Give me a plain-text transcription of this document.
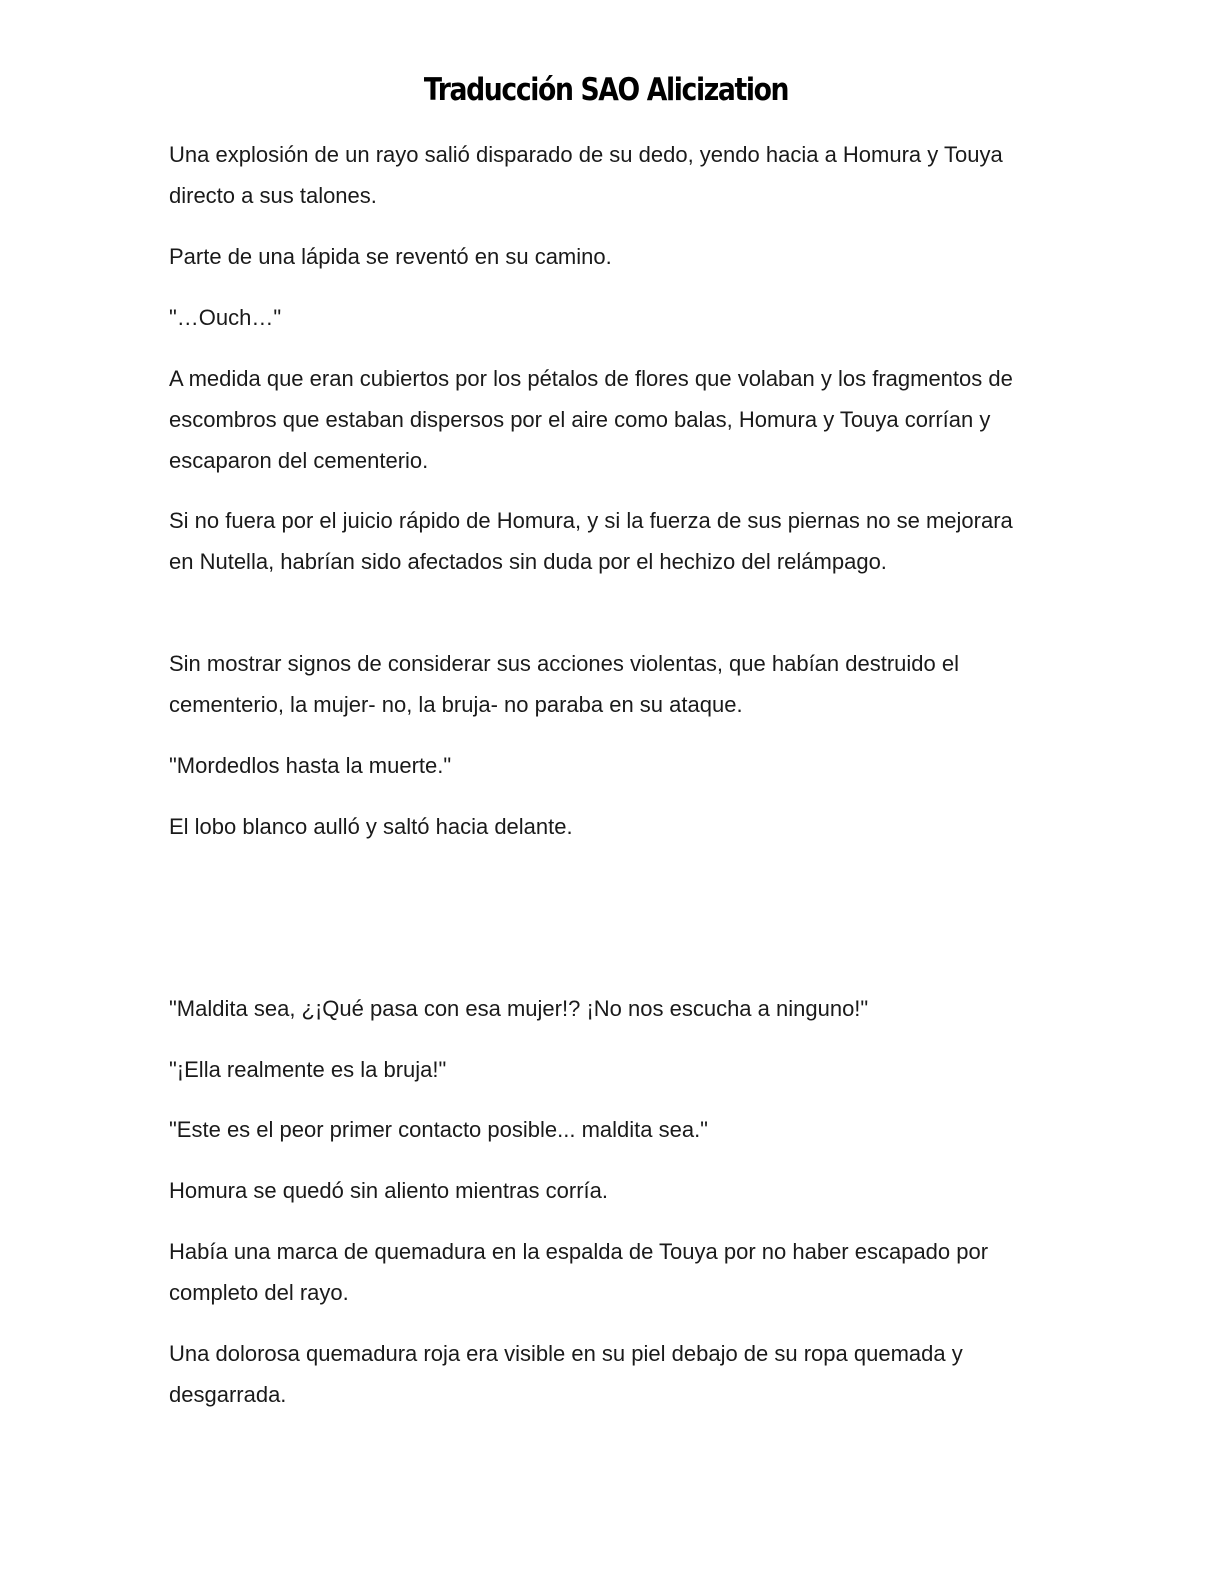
Traducción SAO Alicization

Una explosión de un rayo salió disparado de su dedo, yendo hacia a Homura y Touya directo a sus talones.

Parte de una lápida se reventó en su camino.

"…Ouch…"

A medida que eran cubiertos por los pétalos de flores que volaban y los fragmentos de escombros que estaban dispersos por el aire como balas, Homura y Touya corrían y escaparon del cementerio.

Si no fuera por el juicio rápido de Homura, y si la fuerza de sus piernas no se mejorara en Nutella, habrían sido afectados sin duda por el hechizo del relámpago.

Sin mostrar signos de considerar sus acciones violentas, que habían destruido el cementerio, la mujer- no, la bruja- no paraba en su ataque.

"Mordedlos hasta la muerte."

El lobo blanco aulló y saltó hacia delante.

"Maldita sea, ¿¡Qué pasa con esa mujer!? ¡No nos escucha a ninguno!"

"¡Ella realmente es la bruja!"

"Este es el peor primer contacto posible... maldita sea."

Homura se quedó sin aliento mientras corría.

Había una marca de quemadura en la espalda de Touya por no haber escapado por completo del rayo.

Una dolorosa quemadura roja era visible en su piel debajo de su ropa quemada y desgarrada.
